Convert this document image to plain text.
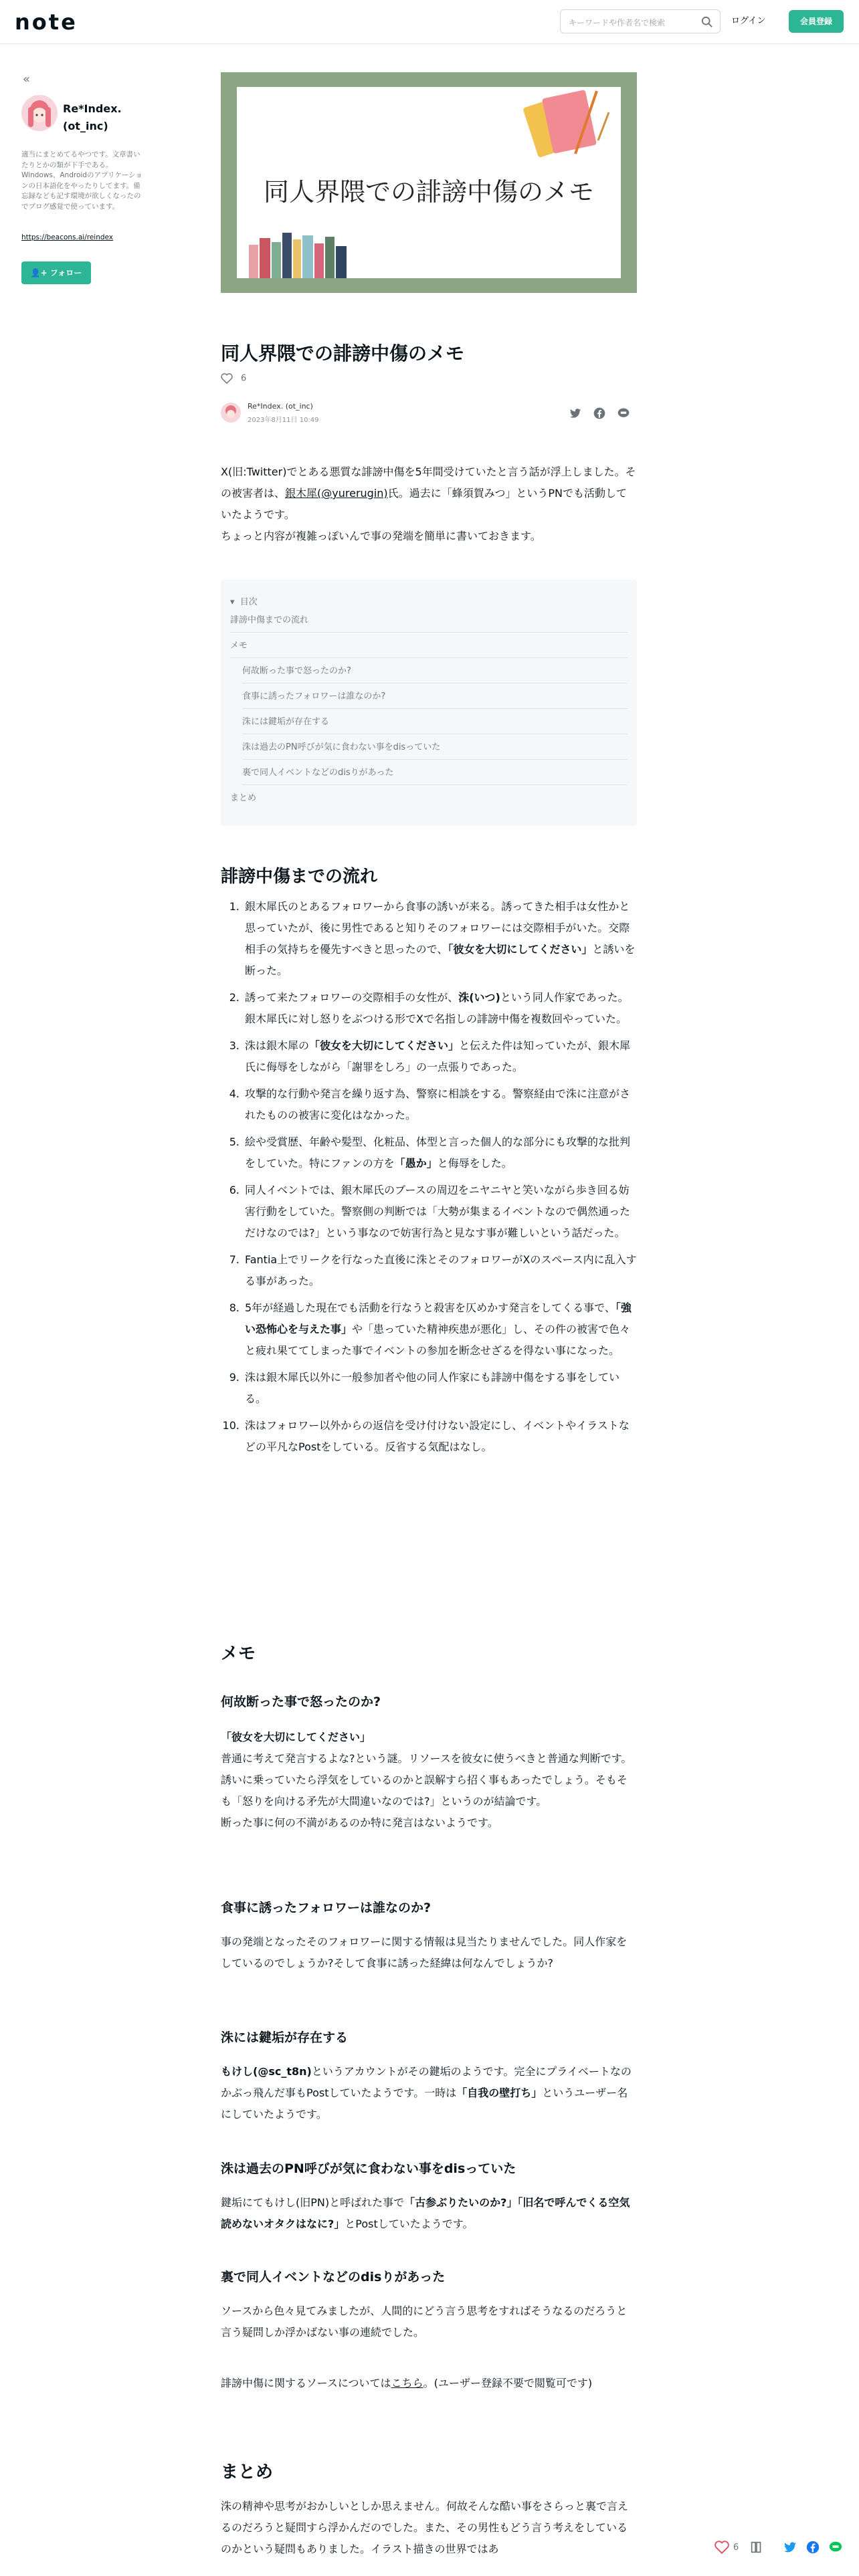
note	キーワードや作者名で検索	ログイン	会員登録
«
Re*Index. (ot_inc)
適当にまとめてるやつです。文章書いたりとかの類が下手である。Windows、Androidのアプリケーションの日本語化をやったりしてます。備忘録なども記す環境が欲しくなったのでブログ感覚で使っています。
https://beacons.ai/reindex
👤+ フォロー
同人界隈での誹謗中傷のメモ
同人界隈での誹謗中傷のメモ
6
Re*Index. (ot_inc)
2023年8月11日 10:49
X(旧:Twitter)でとある悪質な誹謗中傷を5年間受けていたと言う話が浮上しました。その被害者は、銀木犀(@yurerugin)氏。過去に「蜂須賀みつ」というPNでも活動していたようです。
ちょっと内容が複雑っぽいんで事の発端を簡単に書いておきます。
▾ 目次
誹謗中傷までの流れ
メモ
何故断った事で怒ったのか?
食事に誘ったフォロワーは誰なのか?
洙には鍵垢が存在する
洙は過去のPN呼びが気に食わない事をdisっていた
裏で同人イベントなどのdisりがあった
まとめ
誹謗中傷までの流れ
1. 銀木犀氏のとあるフォロワーから食事の誘いが来る。誘ってきた相手は女性かと思っていたが、後に男性であると知りそのフォロワーには交際相手がいた。交際相手の気持ちを優先すべきと思ったので、「彼女を大切にしてください」と誘いを断った。
2. 誘って来たフォロワーの交際相手の女性が、洙(いつ)という同人作家であった。銀木犀氏に対し怒りをぶつける形でXで名指しの誹謗中傷を複数回やっていた。
3. 洙は銀木犀の「彼女を大切にしてください」と伝えた件は知っていたが、銀木犀氏に侮辱をしながら「謝罪をしろ」の一点張りであった。
4. 攻撃的な行動や発言を繰り返す為、警察に相談をする。警察経由で洙に注意がされたものの被害に変化はなかった。
5. 絵や受賞歴、年齢や髪型、化粧品、体型と言った個人的な部分にも攻撃的な批判をしていた。特にファンの方を「愚か」と侮辱をした。
6. 同人イベントでは、銀木犀氏のブースの周辺をニヤニヤと笑いながら歩き回る妨害行動をしていた。警察側の判断では「大勢が集まるイベントなので偶然通っただけなのでは?」という事なので妨害行為と見なす事が難しいという話だった。
7. Fantia上でリークを行なった直後に洙とそのフォロワーがXのスペース内に乱入する事があった。
8. 5年が経過した現在でも活動を行なうと殺害を仄めかす発言をしてくる事で、「強い恐怖心を与えた事」や「患っていた精神疾患が悪化」し、その件の被害で色々と疲れ果ててしまった事でイベントの参加を断念せざるを得ない事になった。
9. 洙は銀木犀氏以外に一般参加者や他の同人作家にも誹謗中傷をする事をしている。
10. 洙はフォロワー以外からの返信を受け付けない設定にし、イベントやイラストなどの平凡なPostをしている。反省する気配はなし。
メモ
何故断った事で怒ったのか?
「彼女を大切にしてください」
普通に考えて発言するよな?という謎。リソースを彼女に使うべきと普通な判断です。誘いに乗っていたら浮気をしているのかと誤解すら招く事もあったでしょう。そもそも「怒りを向ける矛先が大間違いなのでは?」というのが結論です。
断った事に何の不満があるのか特に発言はないようです。
食事に誘ったフォロワーは誰なのか?
事の発端となったそのフォロワーに関する情報は見当たりませんでした。同人作家をしているのでしょうか?そして食事に誘った経緯は何なんでしょうか?
洙には鍵垢が存在する
もけし(@sc_t8n)というアカウントがその鍵垢のようです。完全にプライベートなのかぶっ飛んだ事もPostしていたようです。一時は「自我の壁打ち」というユーザー名にしていたようです。
洙は過去のPN呼びが気に食わない事をdisっていた
鍵垢にてもけし(旧PN)と呼ばれた事で「古参ぶりたいのか?」「旧名で呼んでくる空気読めないオタクはなに?」とPostしていたようです。
裏で同人イベントなどのdisりがあった
ソースから色々見てみましたが、人間的にどう言う思考をすればそうなるのだろうと言う疑問しか浮かばない事の連続でした。
誹謗中傷に関するソースについてはこちら。(ユーザー登録不要で閲覧可です)
まとめ
洙の精神や思考がおかしいとしか思えません。何故そんな酷い事をさらっと裏で言えるのだろうと疑問すら浮かんだのでした。また、その男性もどう言う考えをしているのかという疑問もありました。イラスト描きの世界ではあ	6
